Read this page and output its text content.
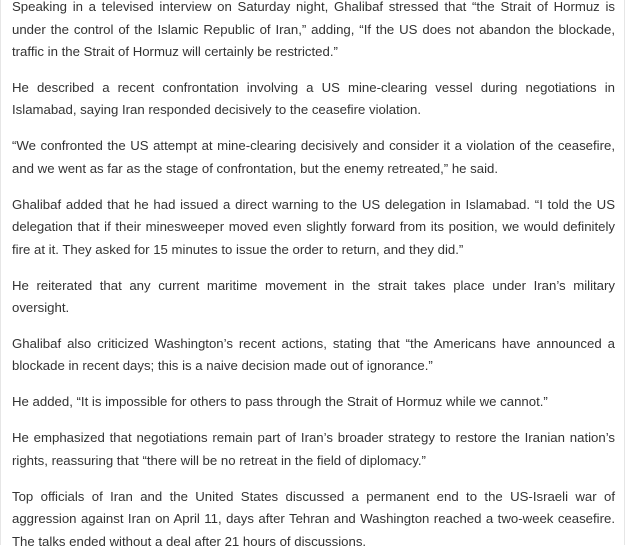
Speaking in a televised interview on Saturday night, Ghalibaf stressed that “the Strait of Hormuz is under the control of the Islamic Republic of Iran,” adding, “If the US does not abandon the blockade, traffic in the Strait of Hormuz will certainly be restricted.”

He described a recent confrontation involving a US mine-clearing vessel during negotiations in Islamabad, saying Iran responded decisively to the ceasefire violation.

“We confronted the US attempt at mine-clearing decisively and consider it a violation of the ceasefire, and we went as far as the stage of confrontation, but the enemy retreated,” he said.

Ghalibaf added that he had issued a direct warning to the US delegation in Islamabad. “I told the US delegation that if their minesweeper moved even slightly forward from its position, we would definitely fire at it. They asked for 15 minutes to issue the order to return, and they did.”

He reiterated that any current maritime movement in the strait takes place under Iran’s military oversight.

Ghalibaf also criticized Washington’s recent actions, stating that “the Americans have announced a blockade in recent days; this is a naive decision made out of ignorance.”

He added, “It is impossible for others to pass through the Strait of Hormuz while we cannot.”

He emphasized that negotiations remain part of Iran’s broader strategy to restore the Iranian nation’s rights, reassuring that “there will be no retreat in the field of diplomacy.”

Top officials of Iran and the United States discussed a permanent end to the US-Israeli war of aggression against Iran on April 11, days after Tehran and Washington reached a two-week ceasefire. The talks ended without a deal after 21 hours of discussions.
